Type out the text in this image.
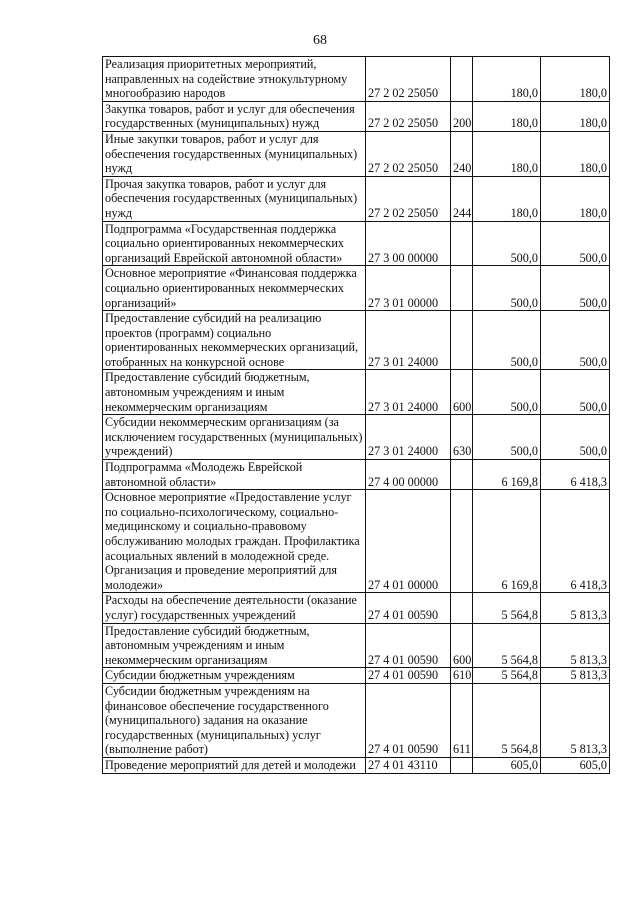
68
Реализация приоритетных мероприятий, направленных на содействие этнокультурному многообразию народов	27 2 02 25050		180,0	180,0
Закупка товаров, работ и услуг для обеспечения государственных (муниципальных) нужд	27 2 02 25050	200	180,0	180,0
Иные закупки товаров, работ и услуг для обеспечения государственных (муниципальных) нужд	27 2 02 25050	240	180,0	180,0
Прочая закупка товаров, работ и услуг для обеспечения государственных (муниципальных) нужд	27 2 02 25050	244	180,0	180,0
Подпрограмма «Государственная поддержка социально ориентированных некоммерческих организаций Еврейской автономной области»	27 3 00 00000		500,0	500,0
Основное мероприятие «Финансовая поддержка социально ориентированных некоммерческих организаций»	27 3 01 00000		500,0	500,0
Предоставление субсидий на реализацию проектов (программ) социально ориентированных некоммерческих организаций, отобранных на конкурсной основе	27 3 01 24000		500,0	500,0
Предоставление субсидий бюджетным, автономным учреждениям и иным некоммерческим организациям	27 3 01 24000	600	500,0	500,0
Субсидии некоммерческим организациям (за исключением государственных (муниципальных) учреждений)	27 3 01 24000	630	500,0	500,0
Подпрограмма «Молодежь Еврейской автономной области»	27 4 00 00000		6 169,8	6 418,3
Основное мероприятие «Предоставление услуг по социально-психологическому, социально-медицинскому и социально-правовому обслуживанию молодых граждан. Профилактика асоциальных явлений в молодежной среде. Организация и проведение мероприятий для молодежи»	27 4 01 00000		6 169,8	6 418,3
Расходы на обеспечение деятельности (оказание услуг) государственных учреждений	27 4 01 00590		5 564,8	5 813,3
Предоставление субсидий бюджетным, автономным учреждениям и иным некоммерческим организациям	27 4 01 00590	600	5 564,8	5 813,3
Субсидии бюджетным учреждениям	27 4 01 00590	610	5 564,8	5 813,3
Субсидии бюджетным учреждениям на финансовое обеспечение государственного (муниципального) задания на оказание государственных (муниципальных) услуг (выполнение работ)	27 4 01 00590	611	5 564,8	5 813,3
Проведение мероприятий для детей и молодежи	27 4 01 43110		605,0	605,0
